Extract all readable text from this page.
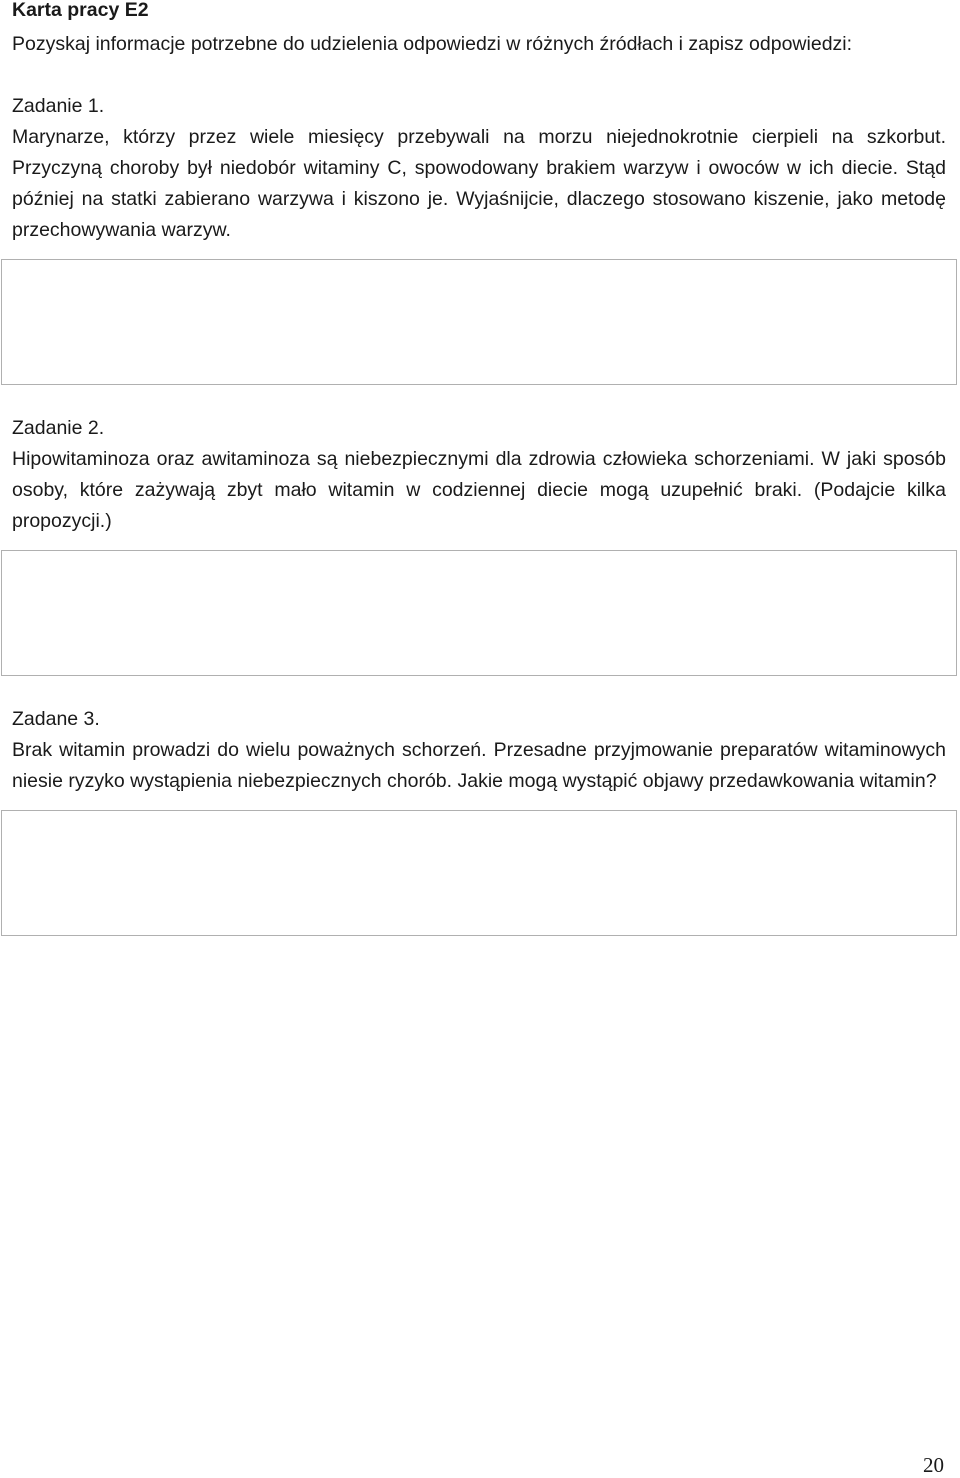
Karta pracy E2

Pozyskaj informacje potrzebne do udzielenia odpowiedzi w różnych źródłach i zapisz odpowiedzi:

Zadanie 1.

Marynarze, którzy przez wiele miesięcy przebywali na morzu niejednokrotnie cierpieli na szkorbut. Przyczyną choroby był niedobór witaminy C, spowodowany brakiem warzyw i owoców w ich diecie. Stąd później na statki zabierano warzywa i kiszono je. Wyjaśnijcie, dlaczego stosowano kiszenie, jako metodę przechowywania warzyw.

Zadanie 2.

Hipowitaminoza oraz awitaminoza są niebezpiecznymi dla zdrowia człowieka schorzeniami. W jaki sposób osoby, które zażywają zbyt mało witamin w codziennej diecie mogą uzupełnić braki. (Podajcie kilka propozycji.)

Zadane 3.

Brak witamin prowadzi do wielu poważnych schorzeń. Przesadne przyjmowanie preparatów witaminowych niesie ryzyko wystąpienia niebezpiecznych chorób. Jakie mogą wystąpić objawy przedawkowania witamin?

20
